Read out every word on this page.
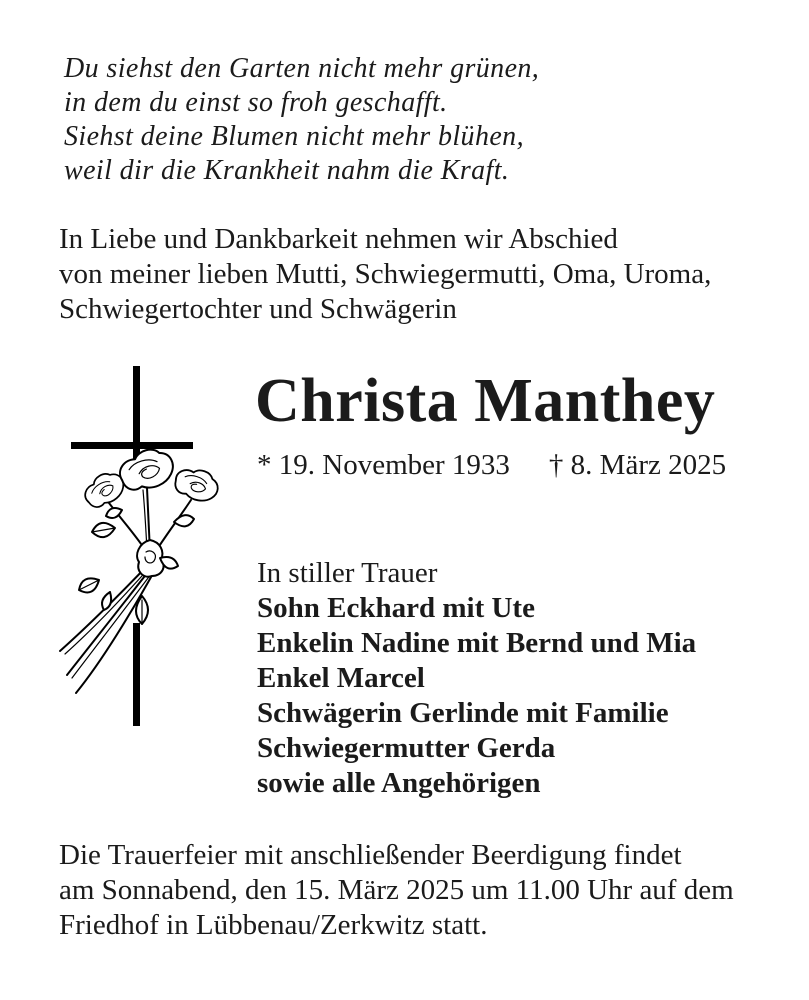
Du siehst den Garten nicht mehr grünen,
in dem du einst so froh geschafft.
Siehst deine Blumen nicht mehr blühen,
weil dir die Krankheit nahm die Kraft.
In Liebe und Dankbarkeit nehmen wir Abschied
von meiner lieben Mutti, Schwiegermutti, Oma, Uroma,
Schwiegertochter und Schwägerin
Christa Manthey
* 19. November 1933 † 8. März 2025
In stiller Trauer
Sohn Eckhard mit Ute
Enkelin Nadine mit Bernd und Mia
Enkel Marcel
Schwägerin Gerlinde mit Familie
Schwiegermutter Gerda
sowie alle Angehörigen
Die Trauerfeier mit anschließender Beerdigung findet
am Sonnabend, den 15. März 2025 um 11.00 Uhr auf dem
Friedhof in Lübbenau/Zerkwitz statt.
